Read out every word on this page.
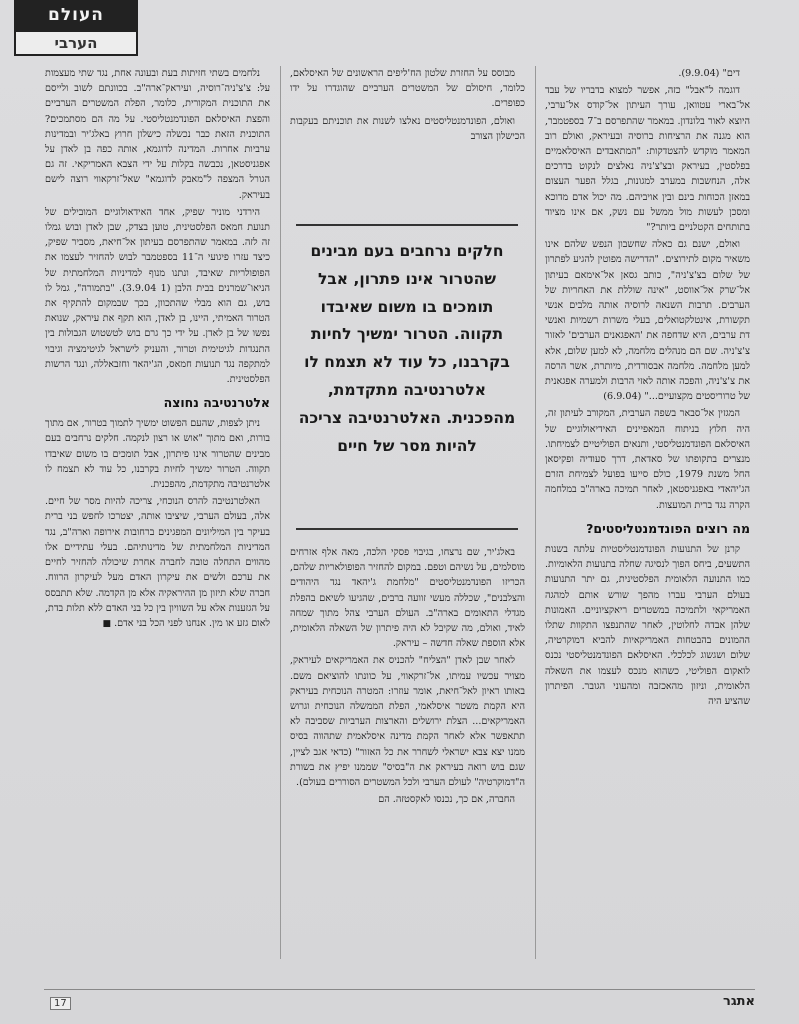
העולם
הערבי

דים" (9.9.04).

דוגמה ל"אבל" כזה, אפשר למצוא בדבריו של עבד אל־בארי עטוואן, עורך העיתון אל־קודס אל־ערבי, היוצא לאור בלונדון. במאמר שהתפרסם ב־7 בספטמבר, הוא מגנה את הרציחות ברוסיה ובעיראק, ואולם רוב המאמר מוקדש להצטדקות: "המתאבדים האיסלאמיים בפלסטין, בעיראק ובצ'צ'ניה נאלצים לנקוט בדרכים אלה, הנחשבות במערב למגונות, בגלל הפער העצום במאזן הכוחות בינם ובין אויביהם. מה יכול אדם מדוכא ומסכן לעשות מול ממשל עם נשק, אם אינו מציוד בתותחים הקטלניים ביותר?"

ואולם, ישנם גם כאלה שחשבון הנפש שלהם אינו משאיר מקום לתירוצים. "הדרישה מפוטין להגיע לפתרון של שלום בצ'צ'ניה", כותב גסאן אל־אימאם בעיתון אל־שרק אל־אווסט, "אינה שוללת את האחריות של הערבים. תרבות השנאה לרוסיה אותה מלבים אנשי תקשורת, אינטלקטואלים, בעלי משרות רשמיות ואנשי דת ערבים, היא שדחפה את 'האפגאנים הערבים' לאזור צ'צ'ניה. שם הם מנהלים מלחמה, לא למען שלום, אלא למען מלחמה. מלחמה אבסורדית, מיותרת, אשר הרסה את צ'צ'ניה, והפכה אותה לאזי הרבות ולמערה אפגאנית של טרוריסטים מקצועיים..." (6.9.04)

המגזין אל־סבאר בשפה הערבית, המקורב לעיתון זה, היה חלוץ בניתוח המאפיינים האידיאולוגיים של האיסלאם הפונדמנטליסטי, ותנאים הפוליטיים לצמיחתו. מנצרים בתקופתו של סאדאת, דרך סעודיה ופקיסאן החל משנת 1979, כולם סייעו בפועל לצמיחת הזרם הג'יהאדי באפגניסטאן, לאחר תמיכה בארה"ב במלחמה הקרה נגד ברית המועצות.

מה רוצים הפונדמנטליסטים?

קרנן של התנועות הפונדמנטליסטיות עלתה בשנות התשעים, ביחס הפוך לנסיגה שחלה בתנועות הלאומיות. כמו התנועה הלאומית הפלסטינית, גם יתר התנועות בעולם הערבי עברו מהפך שורש אותם למהגה האמריקאי ולתמיכה במשטרים ריאקציוניים. האמונות שלהן אבדה לחלוטין, לאחר שהתנפצו התקוות שתלו ההמונים בהבטחות האמריקאיות להביא דמוקרטיה, שלום ושגשוג לכלכלי. האיסלאם הפונדמנטליסטי נכנס לואקום הפוליטי, כשהוא מנכס לעצמו את השאלה הלאומית, וניזון מהאכזבה ומהעוני הגובר. הפיתרון שהציע היה

מבוסס על החזרת שלטון הח'ליפים הראשונים של האיסלאם, כלומר, חיסולם של המשטרים הערביים שהוגדרו על ידו כפופרים.

ואולם, הפונדמנטליסטים נאלצו לשנות את תוכניתם בעקבות הכישלון הצורב

חלקים נרחבים בעם מבינים שהטרור אינו פתרון, אבל תומכים בו משום שאיבדו תקווה. הטרור ימשיך לחיות בקרבנו, כל עוד לא תצמח לו אלטרנטיבה מתקדמת, מהפכנית. האלטרנטיבה צריכה להיות מסר של חיים

באלג'יר, שם נרצחו, בגיבוי פסקי הלכה, מאה אלף אזרחים מוסלמים, על נשיהם וטפם. במקום להחזיר הפופולאריות שלהם, הכריזו הפונדמנטליסטים "מלחמת ג'יהאד נגד היהודים והצלבנים", שכללה מעשי זוועה ברבים, שהגיעו לשיאם בהפלת מגדלי התאומים בארה"ב. העולם הערבי צהל מתוך שמחה לאיד, ואולם, מה שקיבל לא היה פיתרון של השאלה הלאומית, אלא הוספת שאלה חדשה – עיראק.

לאחר שבן לאדן "הצליח" להכניס את האמריקאים לעיראק, מצויר עכשיו עמיתו, אל־זרקאווי, על כוונתו להוציאם משם. באותו ראיון לאל־חיאת, אומר עוזרו: המטרה הנוכחית בעיראק היא הקמת משטר איסלאמי, הפלת הממשלה הנוכחית וגרוש האמריקאים... הצלת ירושלים והארצות הערביות שסביבה לא תתאפשר אלא לאחר הקמת מדינה איסלאמית שתהווה בסיס ממנו יצא צבא ישראלי לשחרר את כל האזור" (כדאי אגב לציין, שגם בוש רואה בעיראק את ה"בסיס" שממנו יפיץ את בשורת ה"דמוקרטיה" לעולם הערבי ולכל המשטרים הסוררים בעולם).

החברה, אם כך, נכנסו לאקסטזה. הם

נלחמים בשתי חזיתות בעת ובעונה אחת, נגד שתי מעצמות על: צ'צ'ניה־רוסיה, ועיראק־ארה"ב. בכוונתם לשוב ולייסם את התוכנית המקורית, כלומר, הפלת המשטרים הערביים והפצת האיסלאם הפונדמנטליסטי. על מה הם מסתמכים? התוכנית הזאת כבר נכשלה כישלון חרוץ באלג'יר ובמדינות ערביות אחרות. המדינה לדוגמא, אותה כפה בן לאדן על אפגניסטאן, נכבשה בקלות על ידי הצבא האמריקאי. זה גם הגורל המצפה ל"מאבק לדוגמא" שאל־זרקאווי רוצה לישם בעיראק.

הירדני מוניר שפיק, אחד האידאולוגיים המובילים של תנועת חמאס הפלסטינית, טוען בצדק, שבן לאדן ובוש גמלו זה לזה. במאמר שהתפרסם בעיתון אל־חיאת, מסביר שפיק, כיצד עזרו פיגועי ה־11 בספטמבר לבוש להחזיר לעצמו את הפופולריות שאיבד, ונתנו מנוף למדיניות המלחמתית של הניאו־שמרנים בבית הלבן (1 3.9.04). "בתמורה", גמל לו בוש, גם הוא מבלי שהתכוון, בכך שבמקום להתקיף את הטרור האמיתי, היינו, בן לאדן, הוא תקף את עיראק, שנואת נפשו של בן לאדן. על ידי כך גרם בוש לטשטוש הגבולות בין התנגדות לגיטימית וטרור, והעניק לישראל לגיטימציה וגיבוי למתקפה נגד תנועות חמאס, הג'יהאד וחזבאללה, ונגד הרשות הפלסטינית.

אלטרנטיבה נחוצה

ניתן לצפות, שהעם הפשוט ימשיך לתמוך בטרור, אם מתוך בורות, ואם מתוך "אוש או רצון לנקמה. חלקים נרחבים בעם מבינים שהטרור אינו פיתרון, אבל תומכים בו משום שאיבדו תקווה. הטרור ימשיך לחיות בקרבנו, כל עוד לא תצמח לו אלטרנטיבה מתקדמת, מהפכנית.

האלטרנטיבה להרס הנוכחי, צריכה להיות מסר של חיים. אלה, בעולם הערבי, שיציבו אותה, יצטרכו לחפש בני ברית בעיקר בין המיליונים המפגינים ברחובות אירופה וארה"ב, נגד המדיניות המלחמתית של מדינותיהם. בעלי עתידיים אלו מהווים התחלה טובה לחברה אחרת שיכולה להחזיר לחיים את ערכם ולשים את עיקרון האדם מעל לעיקרון הרווח. חברה שלא תיזון מן ההיראקיה אלא מן הקדמה. שלא תתבסס על הגזענות אלא על השוויון בין כל בני האדם ללא תלות בדת, לאום גזע או מין. אנחנו לפני הכל בני אדם. ■

17	אתגר
